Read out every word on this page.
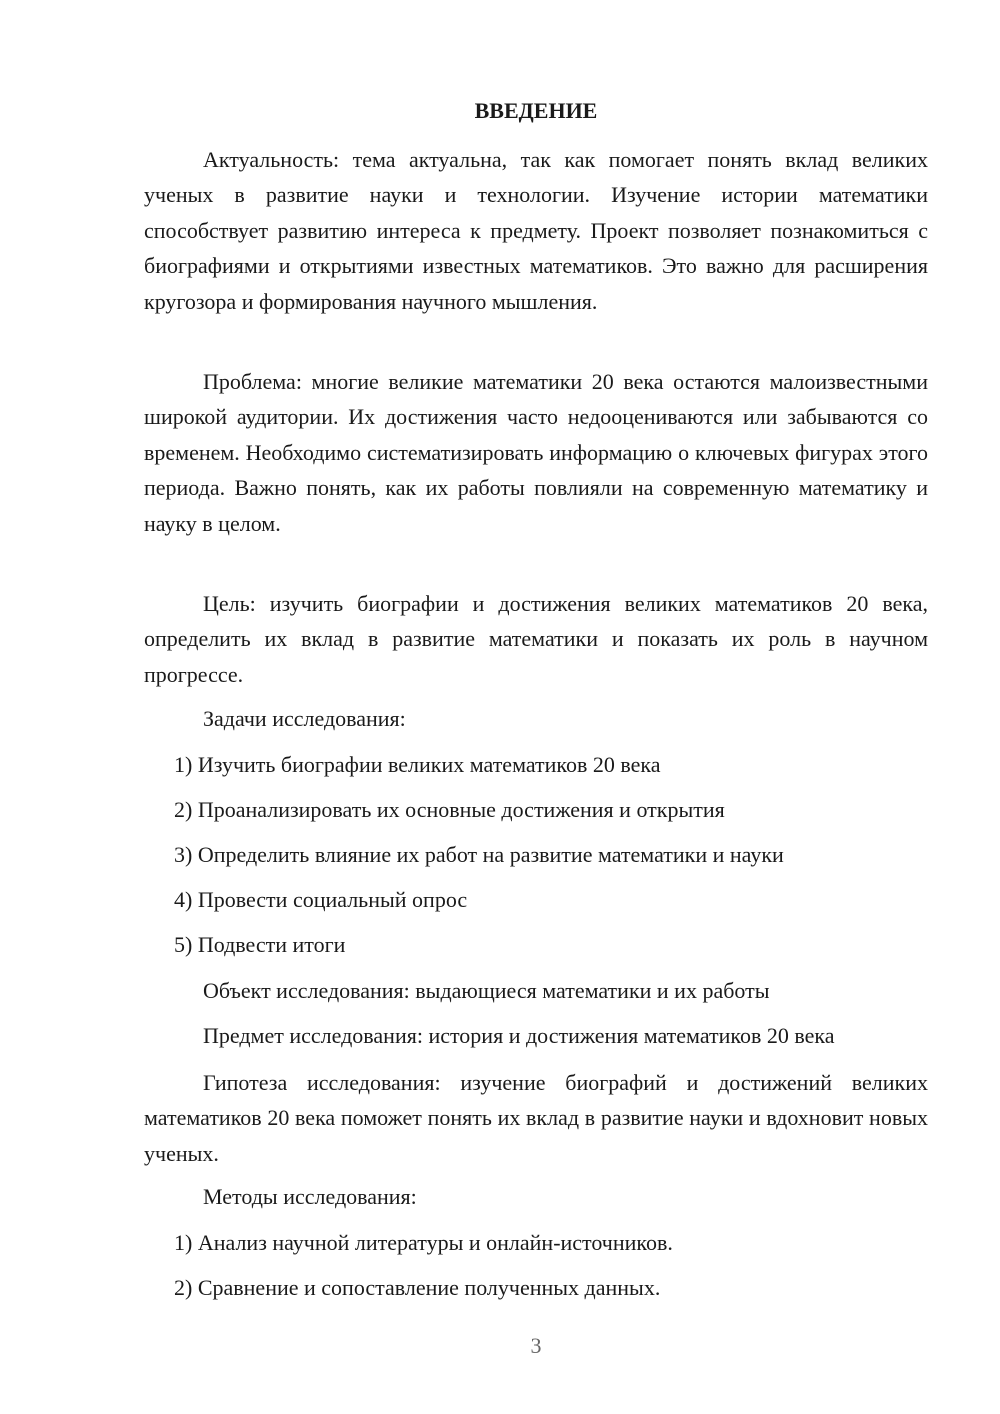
ВВЕДЕНИЕ

Актуальность: тема актуальна, так как помогает понять вклад великих ученых в развитие науки и технологии. Изучение истории математики способствует развитию интереса к предмету. Проект позволяет познакомиться с биографиями и открытиями известных математиков. Это важно для расширения кругозора и формирования научного мышления.

Проблема: многие великие математики 20 века остаются малоизвестными широкой аудитории. Их достижения часто недооцениваются или забываются со временем. Необходимо систематизировать информацию о ключевых фигурах этого периода. Важно понять, как их работы повлияли на современную математику и науку в целом.

Цель: изучить биографии и достижения великих математиков 20 века, определить их вклад в развитие математики и показать их роль в научном прогрессе.

Задачи исследования:
1) Изучить биографии великих математиков 20 века
2) Проанализировать их основные достижения и открытия
3) Определить влияние их работ на развитие математики и науки
4) Провести социальный опрос
5) Подвести итоги
Объект исследования: выдающиеся математики и их работы
Предмет исследования: история и достижения математиков 20 века

Гипотеза исследования: изучение биографий и достижений великих математиков 20 века поможет понять их вклад в развитие науки и вдохновит новых ученых.

Методы исследования:
1) Анализ научной литературы и онлайн-источников.
2) Сравнение и сопоставление полученных данных.
3
